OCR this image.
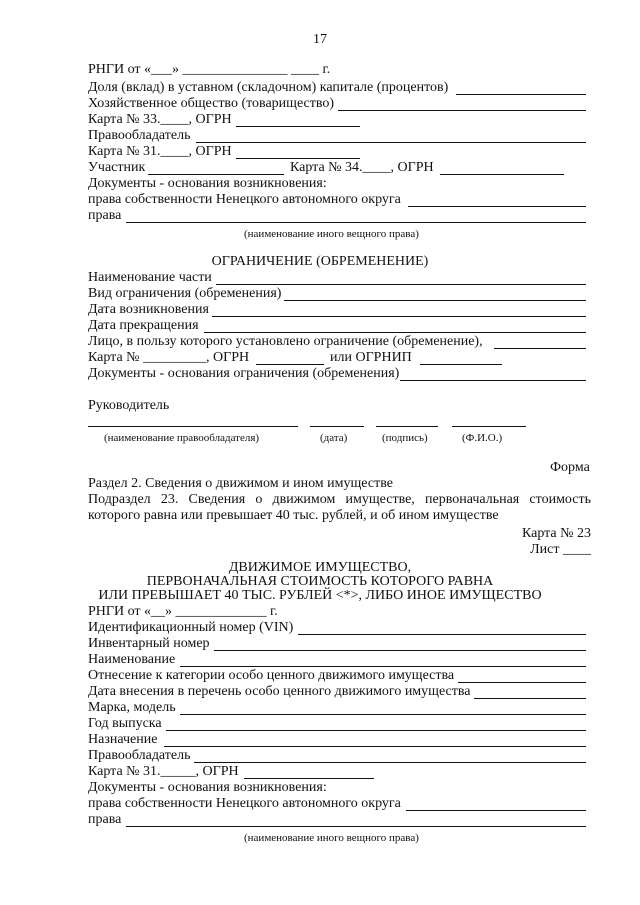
17
РНГИ от «___» _______________ ____ г.
Доля (вклад) в уставном (складочном) капитале (процентов)
Хозяйственное общество (товарищество)
Карта № 33.____, ОГРН
Правообладатель
Карта № 31.____, ОГРН
Участник	Карта № 34.____, ОГРН
Документы - основания возникновения:
права собственности Ненецкого автономного округа
права
(наименование иного вещного права)
ОГРАНИЧЕНИЕ (ОБРЕМЕНЕНИЕ)
Наименование части
Вид ограничения (обременения)
Дата возникновения
Дата прекращения
Лицо, в пользу которого установлено ограничение (обременение),
Карта № _________, ОГРН	или ОГРНИП
Документы - основания ограничения (обременения)
Руководитель
(наименование правообладателя)	(дата)	(подпись)	(Ф.И.О.)
Форма
Раздел 2. Сведения о движимом и ином имуществе
Подраздел 23. Сведения о движимом имуществе, первоначальная стоимость
которого равна или превышает 40 тыс. рублей, и об ином имуществе
Карта № 23
Лист ____
ДВИЖИМОЕ ИМУЩЕСТВО,
ПЕРВОНАЧАЛЬНАЯ СТОИМОСТЬ КОТОРОГО РАВНА
ИЛИ ПРЕВЫШАЕТ 40 ТЫС. РУБЛЕЙ <*>, ЛИБО ИНОЕ ИМУЩЕСТВО
РНГИ от «__» _____________ г.
Идентификационный номер (VIN)
Инвентарный номер
Наименование
Отнесение к категории особо ценного движимого имущества
Дата внесения в перечень особо ценного движимого имущества
Марка, модель
Год выпуска
Назначение
Правообладатель
Карта № 31._____, ОГРН
Документы - основания возникновения:
права собственности Ненецкого автономного округа
права
(наименование иного вещного права)
